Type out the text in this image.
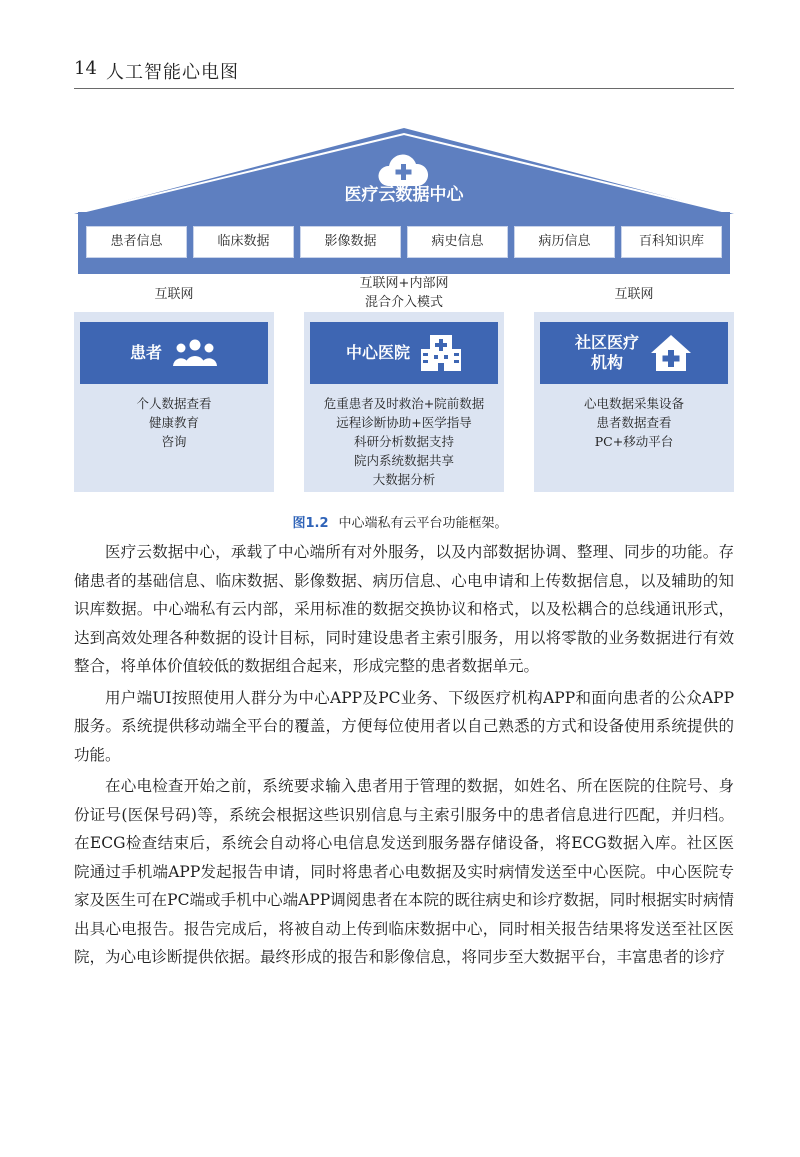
14 人工智能心电图
医疗云数据中心
患者信息	临床数据	影像数据	病史信息	病历信息	百科知识库
互联网
互联网+内部网
混合介入模式
互联网
患者
个人数据查看
健康教育
咨询
中心医院
危重患者及时救治+院前数据
远程诊断协助+医学指导
科研分析数据支持
院内系统数据共享
大数据分析
社区医疗
机构
心电数据采集设备
患者数据查看
PC+移动平台
图1.2 中心端私有云平台功能框架。

医疗云数据中心，承载了中心端所有对外服务，以及内部数据协调、整理、同步的功能。存储患者的基础信息、临床数据、影像数据、病历信息、心电申请和上传数据信息，以及辅助的知识库数据。中心端私有云内部，采用标准的数据交换协议和格式，以及松耦合的总线通讯形式，达到高效处理各种数据的设计目标，同时建设患者主索引服务，用以将零散的业务数据进行有效整合，将单体价值较低的数据组合起来，形成完整的患者数据单元。

用户端UI按照使用人群分为中心APP及PC业务、下级医疗机构APP和面向患者的公众APP服务。系统提供移动端全平台的覆盖，方便每位使用者以自己熟悉的方式和设备使用系统提供的功能。

在心电检查开始之前，系统要求输入患者用于管理的数据，如姓名、所在医院的住院号、身份证号(医保号码)等，系统会根据这些识别信息与主索引服务中的患者信息进行匹配，并归档。在ECG检查结束后，系统会自动将心电信息发送到服务器存储设备，将ECG数据入库。社区医院通过手机端APP发起报告申请，同时将患者心电数据及实时病情发送至中心医院。中心医院专家及医生可在PC端或手机中心端APP调阅患者在本院的既往病史和诊疗数据，同时根据实时病情出具心电报告。报告完成后，将被自动上传到临床数据中心，同时相关报告结果将发送至社区医院，为心电诊断提供依据。最终形成的报告和影像信息，将同步至大数据平台，丰富患者的诊疗
